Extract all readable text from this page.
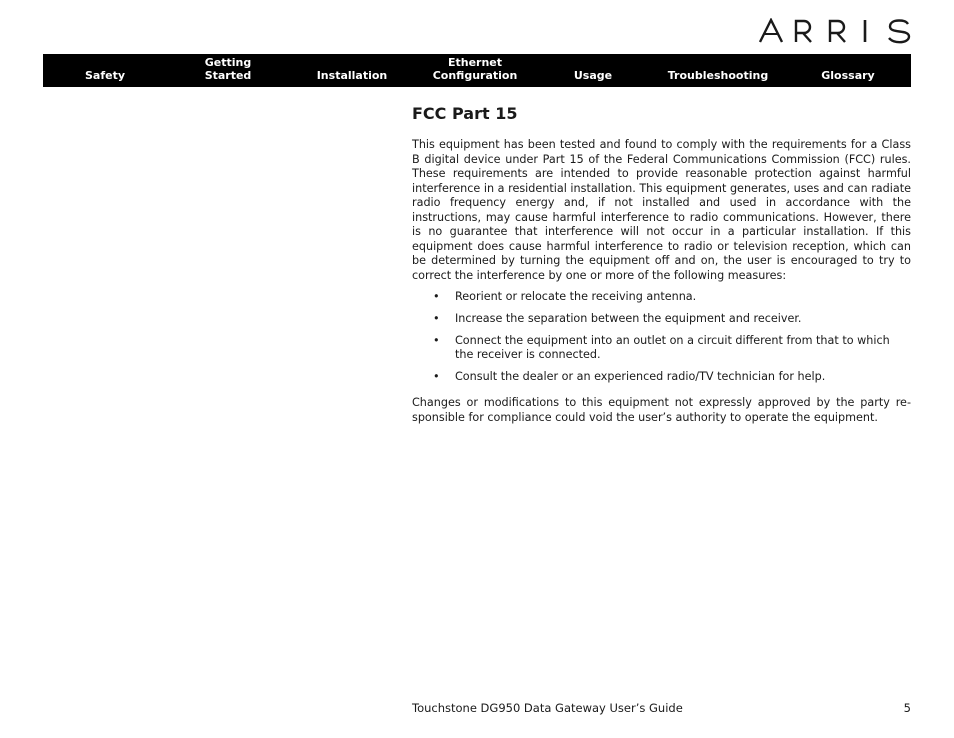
Safety
Getting
Started	Installation
Ethernet
Configuration	Usage	Troubleshooting	Glossary
FCC Part 15

This equipment has been tested and found to comply with the requirements for a Class B digital device under Part 15 of the Federal Communications Commission (FCC) rules. These requirements are intended to provide reasonable protection against harmful interference in a residential installation. This equipment generates, uses and can radiate radio frequency energy and, if not installed and used in accordance with the instructions, may cause harmful interference to radio communications. However, there is no guarantee that interference will not occur in a particular installation. If this equipment does cause harmful interference to radio or television reception, which can be determined by turning the equipment off and on, the user is encouraged to try to correct the interference by one or more of the following measures:

• Reorient or relocate the receiving antenna.
• Increase the separation between the equipment and receiver.
• Connect the equipment into an outlet on a circuit different from that to which the receiver is connected.
• Consult the dealer or an experienced radio/TV technician for help.

Changes or modifications to this equipment not expressly approved by the party responsible for compliance could void the user’s authority to operate the equipment.

Touchstone DG950 Data Gateway User’s Guide	5
